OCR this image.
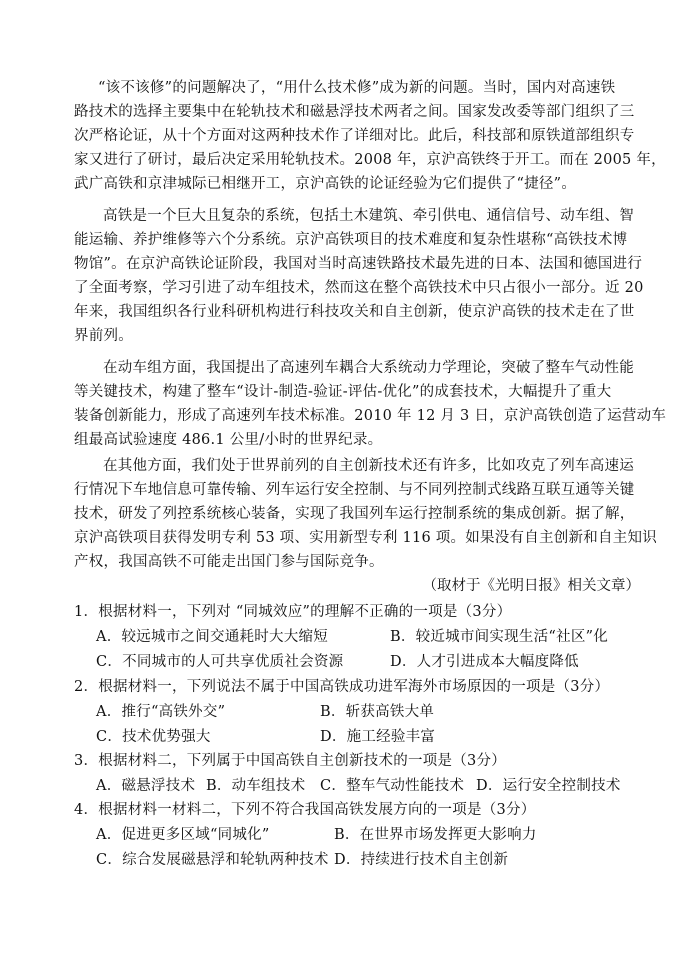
“该不该修”的问题解决了，“用什么技术修”成为新的问题。当时，国内对高速铁
路技术的选择主要集中在轮轨技术和磁悬浮技术两者之间。国家发改委等部门组织了三
次严格论证，从十个方面对这两种技术作了详细对比。此后，科技部和原铁道部组织专
家又进行了研讨，最后决定采用轮轨技术。2008 年，京沪高铁终于开工。而在 2005 年，
武广高铁和京津城际已相继开工，京沪高铁的论证经验为它们提供了“捷径”。
高铁是一个巨大且复杂的系统，包括土木建筑、牵引供电、通信信号、动车组、智
能运输、养护维修等六个分系统。京沪高铁项目的技术难度和复杂性堪称“高铁技术博
物馆”。在京沪高铁论证阶段，我国对当时高速铁路技术最先进的日本、法国和德国进行
了全面考察，学习引进了动车组技术，然而这在整个高铁技术中只占很小一部分。近 20
年来，我国组织各行业科研机构进行科技攻关和自主创新，使京沪高铁的技术走在了世
界前列。
在动车组方面，我国提出了高速列车耦合大系统动力学理论，突破了整车气动性能
等关键技术，构建了整车“设计-制造-验证-评估-优化”的成套技术，大幅提升了重大
装备创新能力，形成了高速列车技术标准。2010 年 12 月 3 日，京沪高铁创造了运营动车
组最高试验速度 486.1 公里/小时的世界纪录。
在其他方面，我们处于世界前列的自主创新技术还有许多，比如攻克了列车高速运
行情况下车地信息可靠传输、列车运行安全控制、与不同列控制式线路互联互通等关键
技术，研发了列控系统核心装备，实现了我国列车运行控制系统的集成创新。据了解，
京沪高铁项目获得发明专利 53 项、实用新型专利 116 项。如果没有自主创新和自主知识
产权，我国高铁不可能走出国门参与国际竞争。
（取材于《光明日报》相关文章）
1．根据材料一，下列对 “同城效应”的理解不正确的一项是（3分）
A．较远城市之间交通耗时大大缩短	B．较近城市间实现生活“社区”化
C．不同城市的人可共享优质社会资源	D．人才引进成本大幅度降低
2．根据材料一，下列说法不属于中国高铁成功进军海外市场原因的一项是（3分）
A．推行“高铁外交”	B．斩获高铁大单
C．技术优势强大	D．施工经验丰富
3．根据材料二，下列属于中国高铁自主创新技术的一项是（3分）
A．磁悬浮技术 B．动车组技术 C．整车气动性能技术 D．运行安全控制技术
4．根据材料一材料二，下列不符合我国高铁发展方向的一项是（3分）
A．促进更多区域“同城化”	B．在世界市场发挥更大影响力
C．综合发展磁悬浮和轮轨两种技术 D．持续进行技术自主创新
